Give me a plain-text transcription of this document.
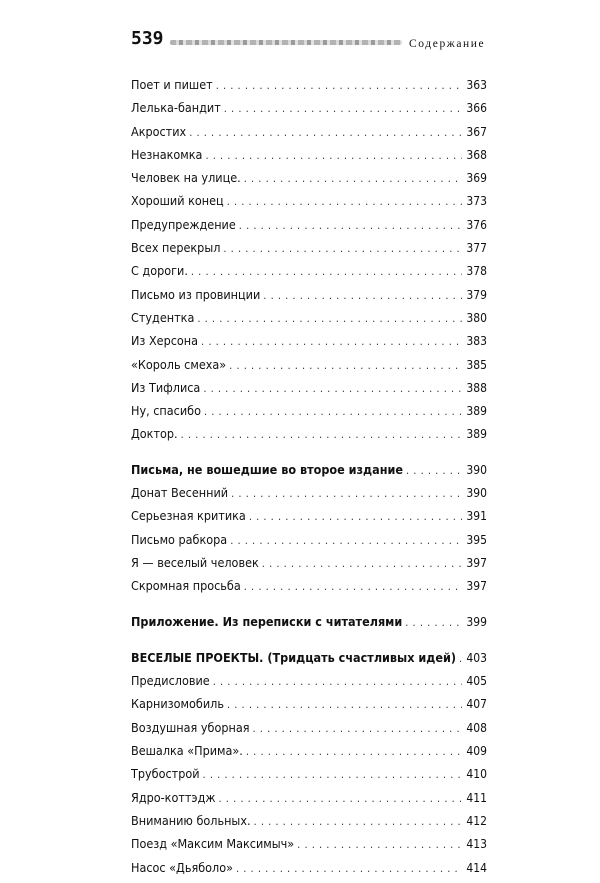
539	Содержание
Поет и пишет . . .	363
Лелька-бандит . . .	366
Акростих . . .	367
Незнакомка . . .	368
Человек на улице. . . .	369
Хороший конец . . .	373
Предупреждение . . .	376
Всех перекрыл . . .	377
С дороги. . . .	378
Письмо из провинции . . .	379
Студентка . . .	380
Из Херсона . . .	383
«Король смеха» . . .	385
Из Тифлиса . . .	388
Ну, спасибо . . .	389
Доктор. . . .	389
Письма, не вошедшие во второе издание . . .	390
Донат Весенний . . .	390
Серьезная критика . . .	391
Письмо рабкора . . .	395
Я — веселый человек . . .	397
Скромная просьба . . .	397
Приложение. Из переписки с читателями . . .	399
ВЕСЕЛЫЕ ПРОЕКТЫ. (Тридцать счастливых идей) . . . 403
Предисловие . . .	405
Карнизомобиль . . .	407
Воздушная уборная . . .	408
Вешалка «Прима». . . .	409
Трубострой . . .	410
Ядро-коттэдж . . .	411
Вниманию больных. . . .	412
Поезд «Максим Максимыч» . . .	413
Насос «Дьяболо» . . .	414
